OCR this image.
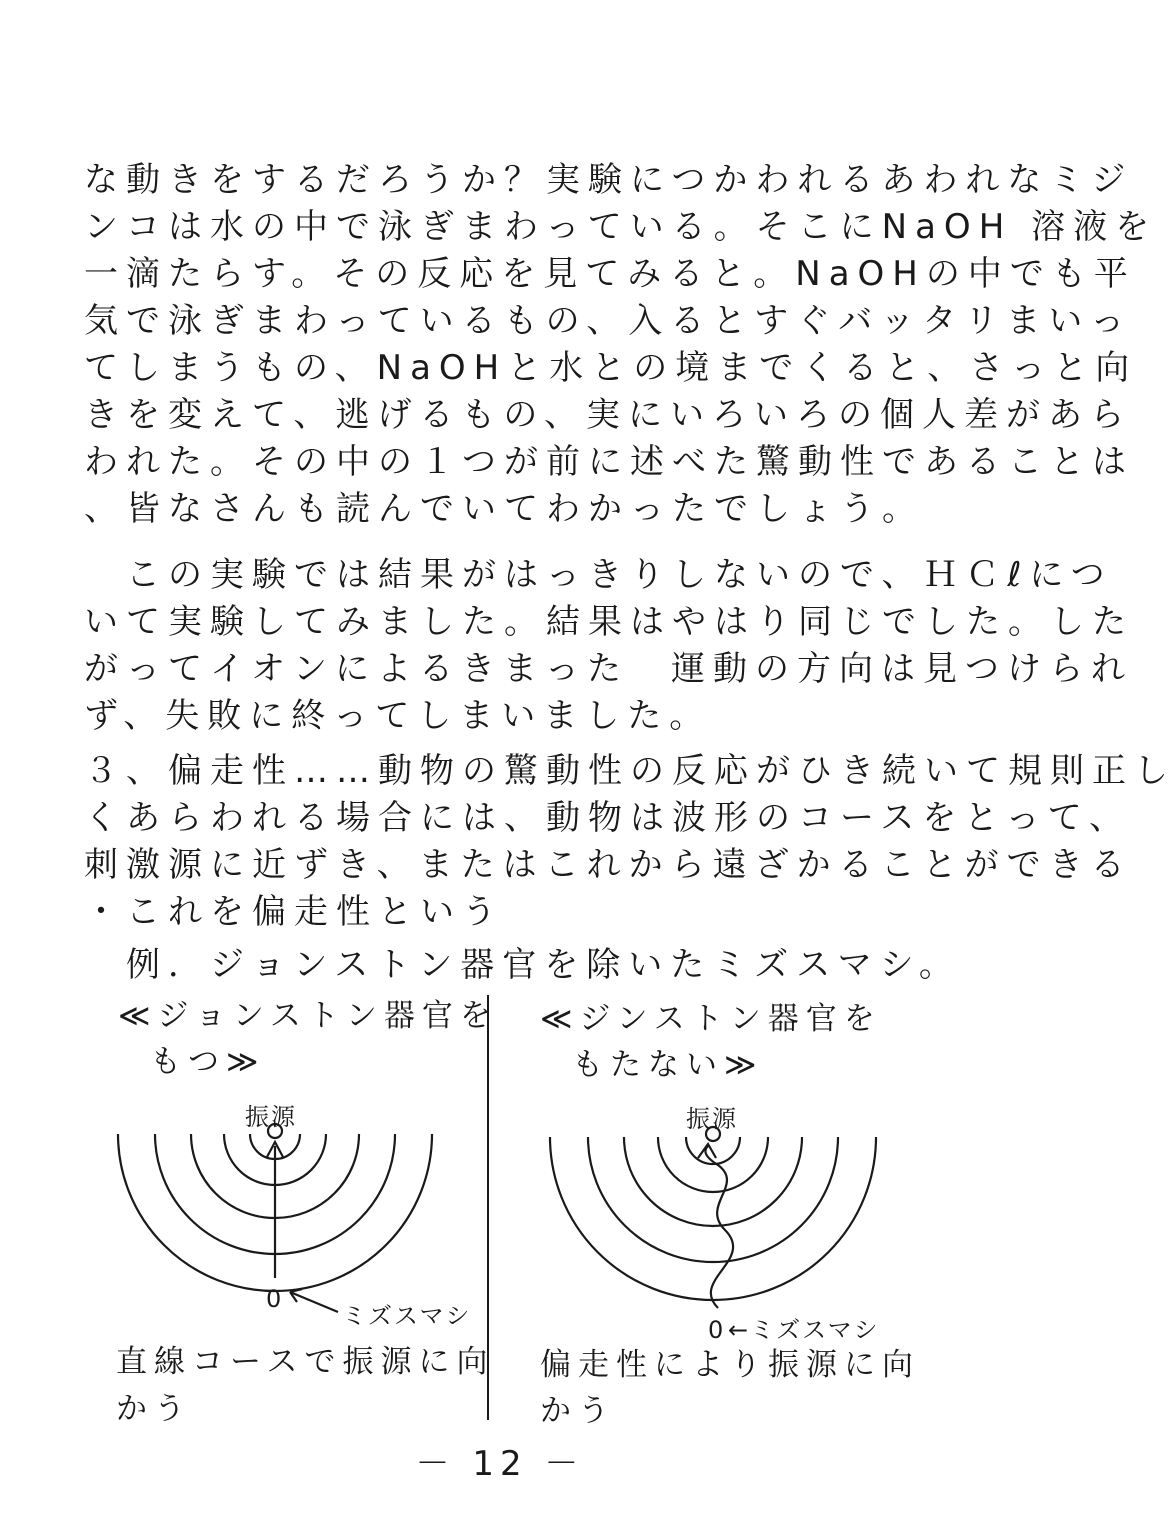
な動きをするだろうか？実験につかわれるあわれなミジ
ンコは水の中で泳ぎまわっている。そこにNaOH 溶液を
一滴たらす。その反応を見てみると。NaOHの中でも平
気で泳ぎまわっているもの、入るとすぐバッタリまいっ
てしまうもの、NaOHと水との境までくると、さっと向
きを変えて、逃げるもの、実にいろいろの個人差があら
われた。その中の１つが前に述べた驚動性であることは
、皆なさんも読んでいてわかったでしょう。
　この実験では結果がはっきりしないので、ＨＣℓにつ
いて実験してみました。結果はやはり同じでした。した
がってイオンによるきまった　運動の方向は見つけられ
ず、失敗に終ってしまいました。
３、偏走性……動物の驚動性の反応がひき続いて規則正し
くあらわれる場合には、動物は波形のコースをとって、
刺激源に近ずき、またはこれから遠ざかることができる
・これを偏走性という
　例．ジョンストン器官を除いたミズスマシ。
≪ジョンストン器官を
もつ≫
振源
0
ミズスマシ
直線コースで振源に向
かう
≪ジンストン器官を
もたない≫
振源
0 ←ミズスマシ
偏走性により振源に向
かう
－ 12 －
